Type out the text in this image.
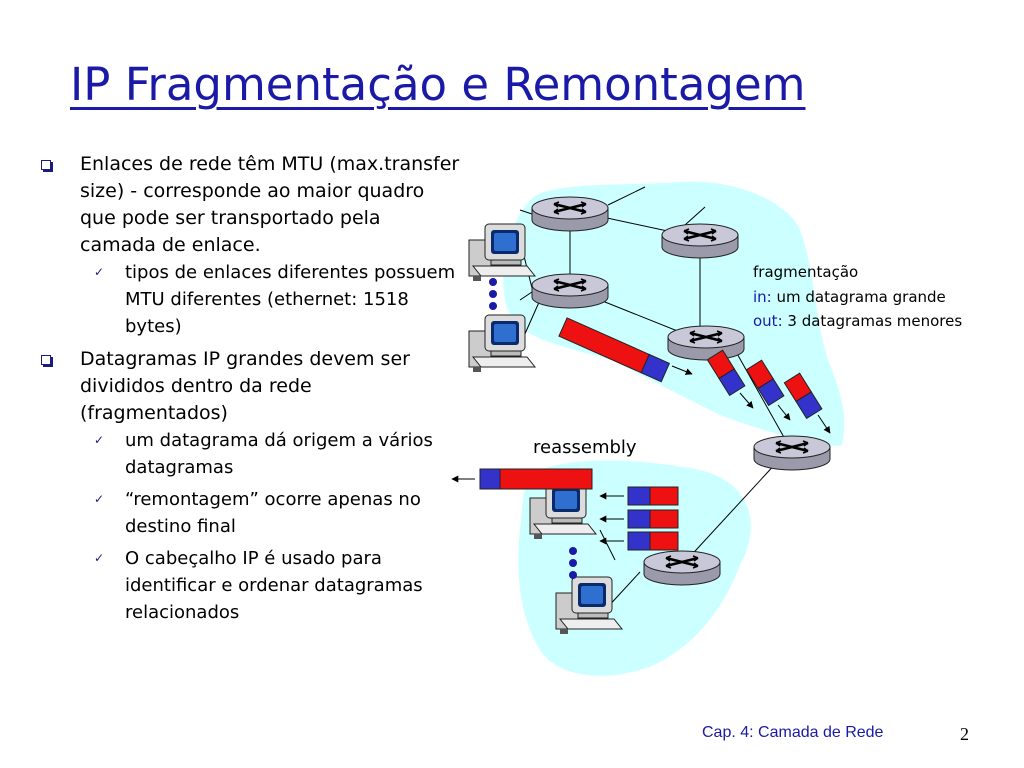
IP Fragmentação e Remontagem
Enlaces de rede têm MTU (max.transfer size) - corresponde ao maior quadro que pode ser transportado pela camada de enlace.
✓ tipos de enlaces diferentes possuem MTU diferentes (ethernet: 1518 bytes)
Datagramas IP grandes devem ser divididos dentro da rede (fragmentados)
✓ um datagrama dá origem a vários datagramas
✓ “remontagem” ocorre apenas no destino final
✓ O cabeçalho IP é usado para identificar e ordenar datagramas relacionados
fragmentação
in: um datagrama grande
out: 3 datagramas menores
reassembly
Cap. 4: Camada de Rede	2
